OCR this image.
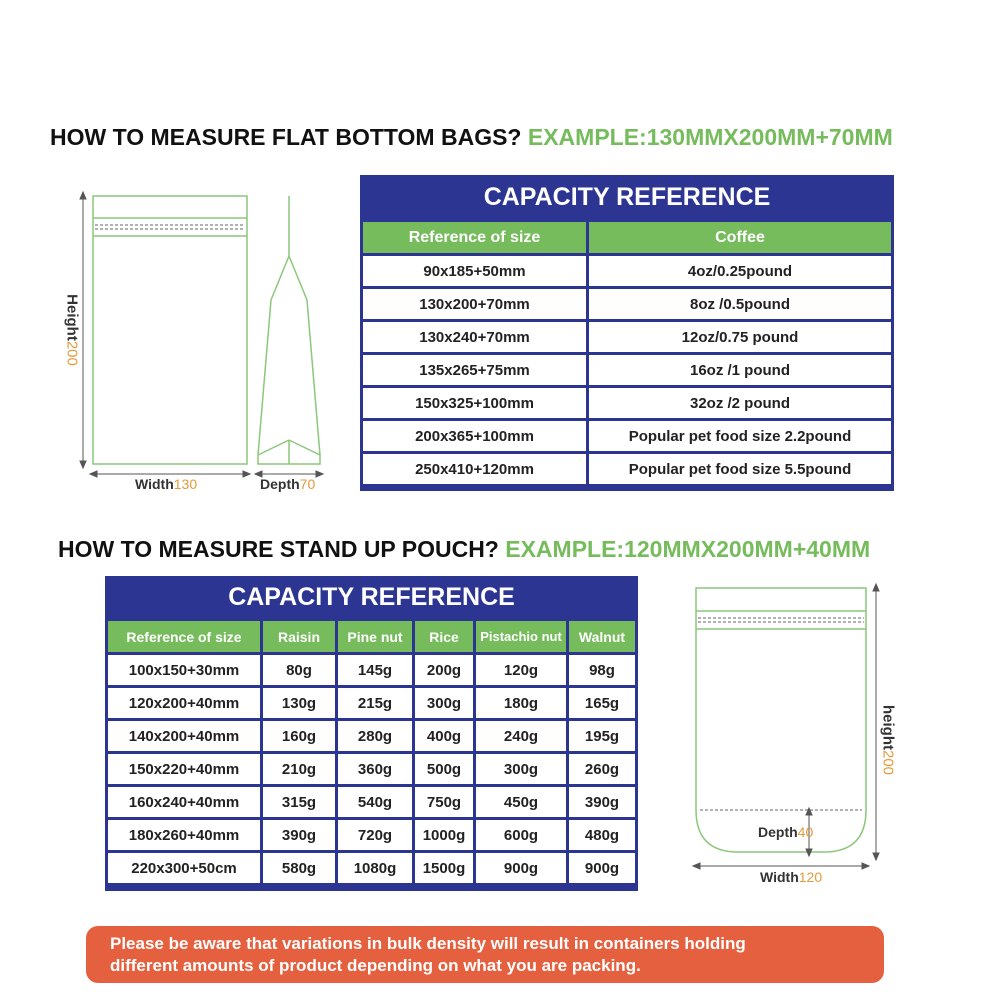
HOW TO MEASURE FLAT BOTTOM BAGS? EXAMPLE:130MMX200MM+70MM
HOW TO MEASURE STAND UP POUCH? EXAMPLE:120MMX200MM+40MM
Height200
Width130	Depth70
height200
Width120
Depth40
CAPACITY REFERENCE
Reference of size	Coffee
90x185+50mm	4oz/0.25pound
130x200+70mm	8oz /0.5pound
130x240+70mm	12oz/0.75 pound
135x265+75mm	16oz /1 pound
150x325+100mm	32oz /2 pound
200x365+100mm	Popular pet food size 2.2pound
250x410+120mm	Popular pet food size 5.5pound
CAPACITY REFERENCE
Reference of size	Raisin	Pine nut	Rice	Pistachio nut	Walnut
100x150+30mm	80g	145g	200g	120g	98g
120x200+40mm	130g	215g	300g	180g	165g
140x200+40mm	160g	280g	400g	240g	195g
150x220+40mm	210g	360g	500g	300g	260g
160x240+40mm	315g	540g	750g	450g	390g
180x260+40mm	390g	720g	1000g	600g	480g
220x300+50cm	580g	1080g	1500g	900g	900g
Please be aware that variations in bulk density will result in containers holding
different amounts of product depending on what you are packing.
